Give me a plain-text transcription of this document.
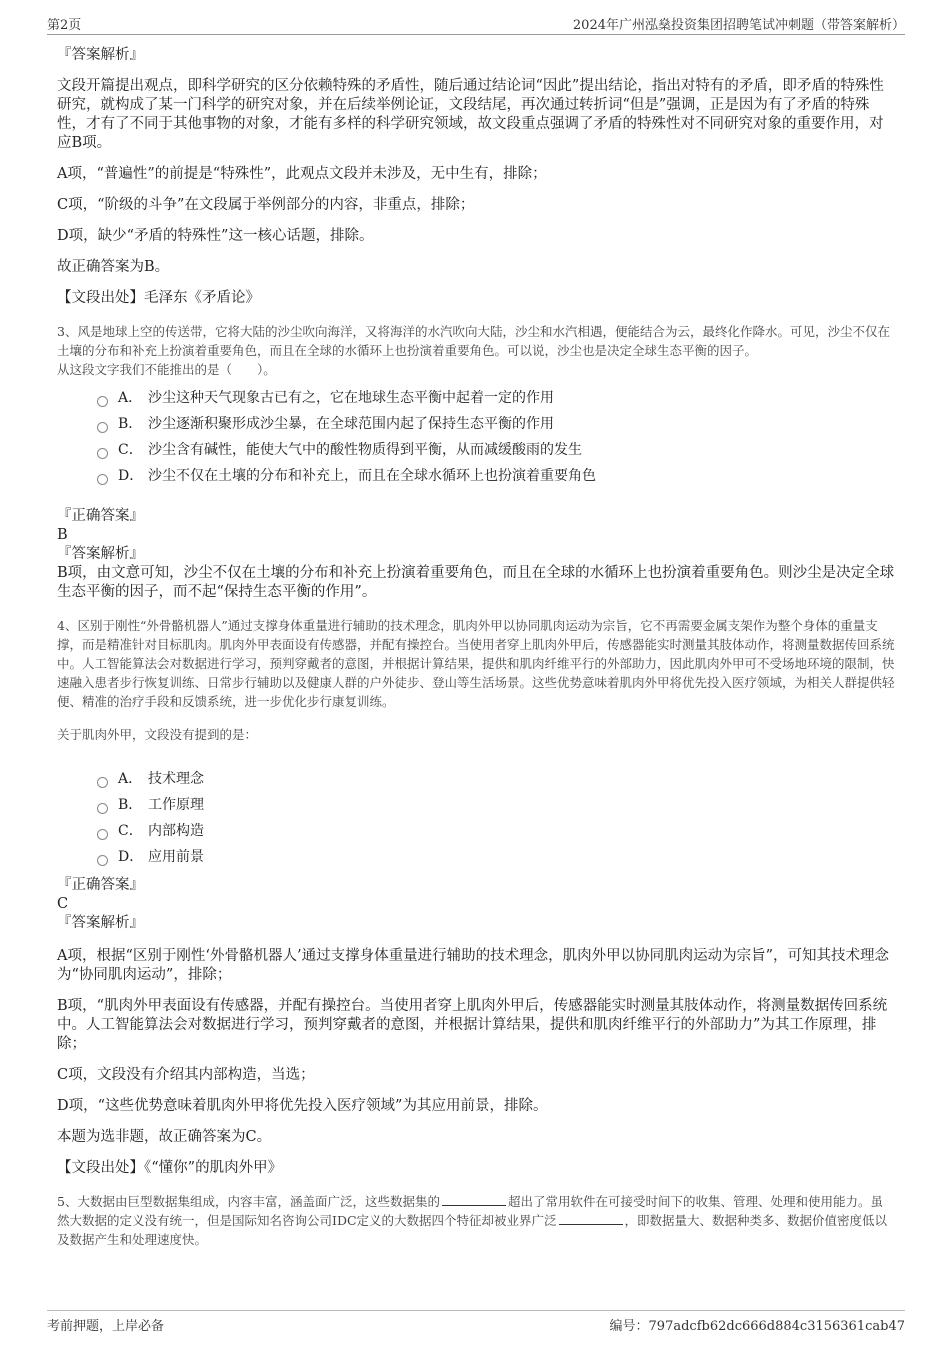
第2页	2024年广州泓燊投资集团招聘笔试冲刺题（带答案解析）

『答案解析』

文段开篇提出观点，即科学研究的区分依赖特殊的矛盾性，随后通过结论词“因此”提出结论，指出对特有的矛盾，即矛盾的特殊性研究，就构成了某一门科学的研究对象，并在后续举例论证，文段结尾，再次通过转折词“但是”强调，正是因为有了矛盾的特殊性，才有了不同于其他事物的对象，才能有多样的科学研究领域，故文段重点强调了矛盾的特殊性对不同研究对象的重要作用，对应B项。

A项，“普遍性”的前提是“特殊性”，此观点文段并未涉及，无中生有，排除；

C项，“阶级的斗争”在文段属于举例部分的内容，非重点，排除；

D项，缺少“矛盾的特殊性”这一核心话题，排除。

故正确答案为B。

【文段出处】毛泽东《矛盾论》

3、风是地球上空的传送带，它将大陆的沙尘吹向海洋，又将海洋的水汽吹向大陆，沙尘和水汽相遇，便能结合为云，最终化作降水。可见，沙尘不仅在土壤的分布和补充上扮演着重要角色，而且在全球的水循环上也扮演着重要角色。可以说，沙尘也是决定全球生态平衡的因子。

从这段文字我们不能推出的是（　　）。

A． 沙尘这种天气现象古已有之，它在地球生态平衡中起着一定的作用
B． 沙尘逐渐积聚形成沙尘暴，在全球范围内起了保持生态平衡的作用
C． 沙尘含有碱性，能使大气中的酸性物质得到平衡，从而减缓酸雨的发生
D． 沙尘不仅在土壤的分布和补充上，而且在全球水循环上也扮演着重要角色

『正确答案』

B

『答案解析』

B项，由文意可知，沙尘不仅在土壤的分布和补充上扮演着重要角色，而且在全球的水循环上也扮演着重要角色。则沙尘是决定全球生态平衡的因子，而不起“保持生态平衡的作用”。

4、区别于刚性“外骨骼机器人”通过支撑身体重量进行辅助的技术理念，肌肉外甲以协同肌肉运动为宗旨，它不再需要金属支架作为整个身体的重量支撑，而是精准针对目标肌肉。肌肉外甲表面设有传感器，并配有操控台。当使用者穿上肌肉外甲后，传感器能实时测量其肢体动作，将测量数据传回系统中。人工智能算法会对数据进行学习，预判穿戴者的意图，并根据计算结果，提供和肌肉纤维平行的外部助力，因此肌肉外甲可不受场地环境的限制，快速融入患者步行恢复训练、日常步行辅助以及健康人群的户外徒步、登山等生活场景。这些优势意味着肌肉外甲将优先投入医疗领域，为相关人群提供轻便、精准的治疗手段和反馈系统，进一步优化步行康复训练。

关于肌肉外甲，文段没有提到的是：

A． 技术理念
B． 工作原理
C． 内部构造
D． 应用前景

『正确答案』

C

『答案解析』

A项，根据“区别于刚性‘外骨骼机器人’通过支撑身体重量进行辅助的技术理念，肌肉外甲以协同肌肉运动为宗旨”，可知其技术理念为“协同肌肉运动”，排除；

B项，“肌肉外甲表面设有传感器，并配有操控台。当使用者穿上肌肉外甲后，传感器能实时测量其肢体动作，将测量数据传回系统中。人工智能算法会对数据进行学习，预判穿戴者的意图，并根据计算结果，提供和肌肉纤维平行的外部助力”为其工作原理，排除；

C项，文段没有介绍其内部构造，当选；

D项，“这些优势意味着肌肉外甲将优先投入医疗领域”为其应用前景，排除。

本题为选非题，故正确答案为C。

【文段出处】《“懂你”的肌肉外甲》

5、大数据由巨型数据集组成，内容丰富，涵盖面广泛，这些数据集的	超出了常用软件在可接受时间下的收集、管理、处理和使用能力。虽然大数据的定义没有统一，但是国际知名咨询公司IDC定义的大数据四个特征却被业界广泛	，即数据量大、数据种类多、数据价值密度低以及数据产生和处理速度快。

考前押题，上岸必备	编号：797adcfb62dc666d884c3156361cab47
